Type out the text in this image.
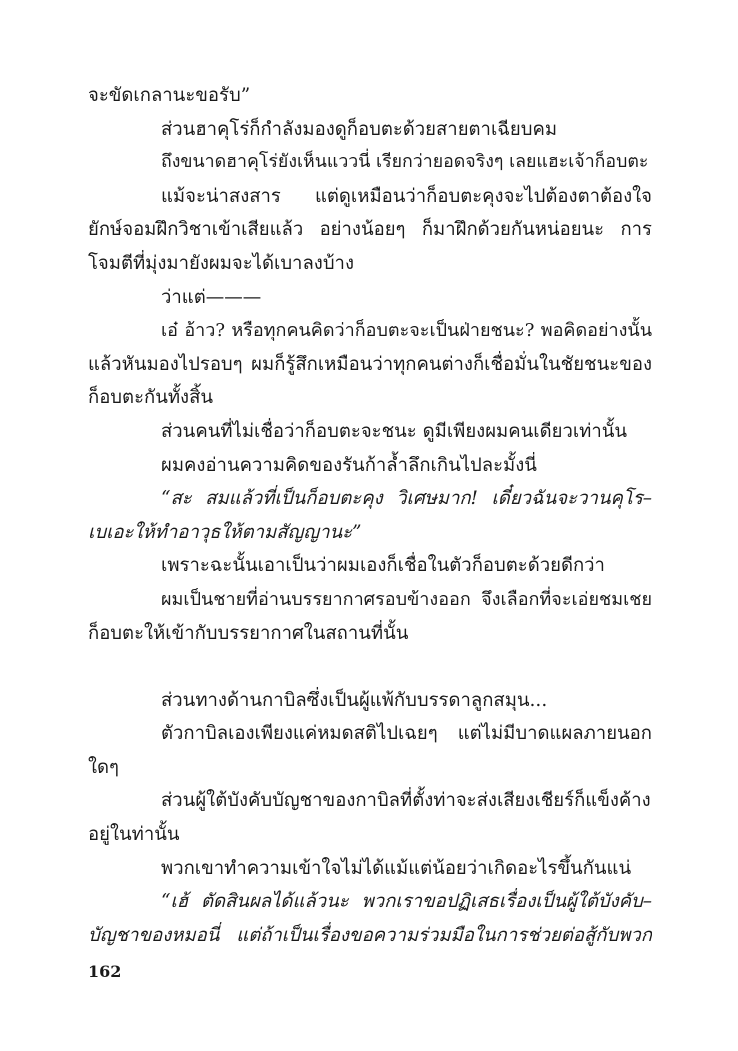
จะขัดเกลานะขอรับ”
ส่วนฮาคุโร่ก็กำลังมองดูก็อบตะด้วยสายตาเฉียบคม
ถึงขนาดฮาคุโร่ยังเห็นแววนี่ เรียกว่ายอดจริงๆ เลยแฮะเจ้าก็อบตะ
แม้จะน่าสงสาร แต่ดูเหมือนว่าก็อบตะคุงจะไปต้องตาต้องใจ
ยักษ์จอมฝึกวิชาเข้าเสียแล้ว อย่างน้อยๆ ก็มาฝึกด้วยกันหน่อยนะ การ
โจมตีที่มุ่งมายังผมจะได้เบาลงบ้าง
ว่าแต่———
เอ๋ อ้าว? หรือทุกคนคิดว่าก็อบตะจะเป็นฝ่ายชนะ? พอคิดอย่างนั้น
แล้วหันมองไปรอบๆ ผมก็รู้สึกเหมือนว่าทุกคนต่างก็เชื่อมั่นในชัยชนะของ
ก็อบตะกันทั้งสิ้น
ส่วนคนที่ไม่เชื่อว่าก็อบตะจะชนะ ดูมีเพียงผมคนเดียวเท่านั้น
ผมคงอ่านความคิดของรันก้าล้ำลึกเกินไปละมั้งนี่
“สะ สมแล้วที่เป็นก็อบตะคุง วิเศษมาก! เดี๋ยวฉันจะวานคุโร–
เบเอะให้ทำอาวุธให้ตามสัญญานะ”
เพราะฉะนั้นเอาเป็นว่าผมเองก็เชื่อในตัวก็อบตะด้วยดีกว่า
ผมเป็นชายที่อ่านบรรยากาศรอบข้างออก จึงเลือกที่จะเอ่ยชมเชย
ก็อบตะให้เข้ากับบรรยากาศในสถานที่นั้น
ส่วนทางด้านกาบิลซึ่งเป็นผู้แพ้กับบรรดาลูกสมุน...
ตัวกาบิลเองเพียงแค่หมดสติไปเฉยๆ แต่ไม่มีบาดแผลภายนอก
ใดๆ
ส่วนผู้ใต้บังคับบัญชาของกาบิลที่ตั้งท่าจะส่งเสียงเชียร์ก็แข็งค้าง
อยู่ในท่านั้น
พวกเขาทำความเข้าใจไม่ได้แม้แต่น้อยว่าเกิดอะไรขึ้นกันแน่
“เฮ้ ตัดสินผลได้แล้วนะ พวกเราขอปฏิเสธเรื่องเป็นผู้ใต้บังคับ–
บัญชาของหมอนี่ แต่ถ้าเป็นเรื่องขอความร่วมมือในการช่วยต่อสู้กับพวก
162
